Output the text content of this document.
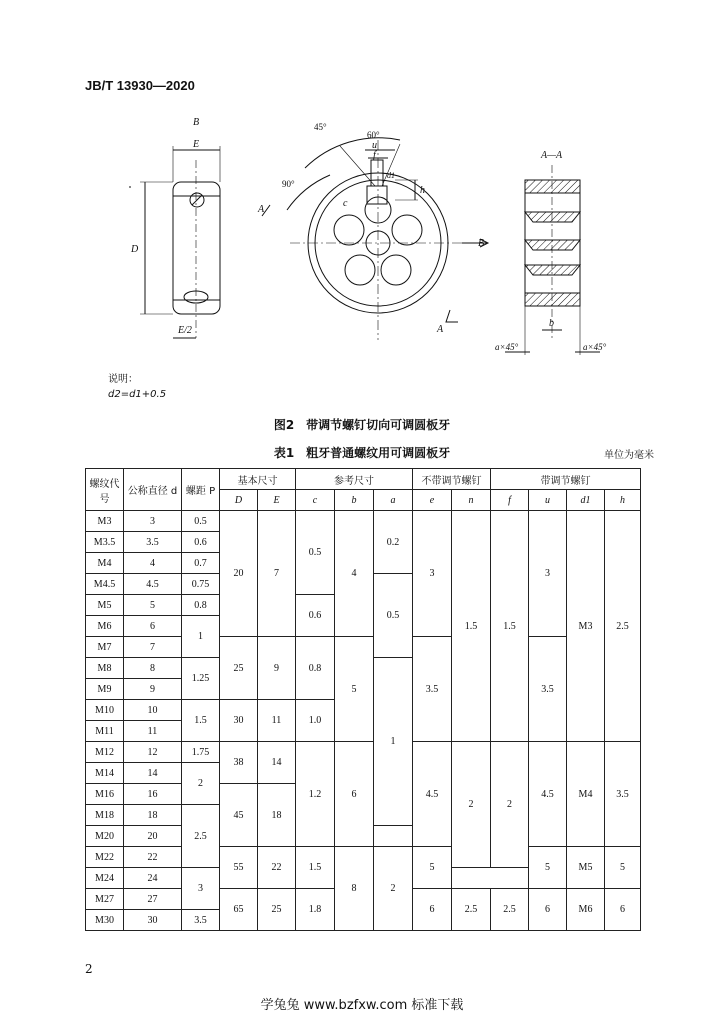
JB/T 13930—2020
B
E
D
E/2
A
45°
60°
90°
u
f
c
h
d1
A
B
A—A
b
a×45°	a×45°
说明：
d2=d1+0.5
图2　带调节螺钉切向可调圆板牙
表1　粗牙普通螺纹用可调圆板牙	单位为毫米
螺纹代号	公称直径 d	螺距 P	基本尺寸		参考尺寸			不带调节螺钉		带调节螺钉			
			D	E	c	b	a	e	n	f	u	d1	h
M3	3	0.5	20	7	0.5	4	0.2	3	1.5	1.5	3	M3	2.5
M3.5	3.5	0.6											
M4	4	0.7											
M4.5	4.5	0.75					0.5						
M5	5	0.8			0.6								
M6	6	1											
M7	7		25	9	0.8	5		3.5			3.5		
M8	8	1.25					1						
M9	9												
M10	10	1.5	30	11	1.0								
M11	11												
M12	12	1.75	38	14	1.2	6		4.5	2	2	4.5	M4	3.5
M14	14	2											
M16	16		45	18									
M18	18	2.5											
M20	20												
M22	22		55	22	1.5	8	2	5			5	M5	5
M24	24	3											
M27	27		65	25	1.8			6	2.5	2.5	6	M6	6
M30	30	3.5											
2
学兔兔 www.bzfxw.com 标准下载
